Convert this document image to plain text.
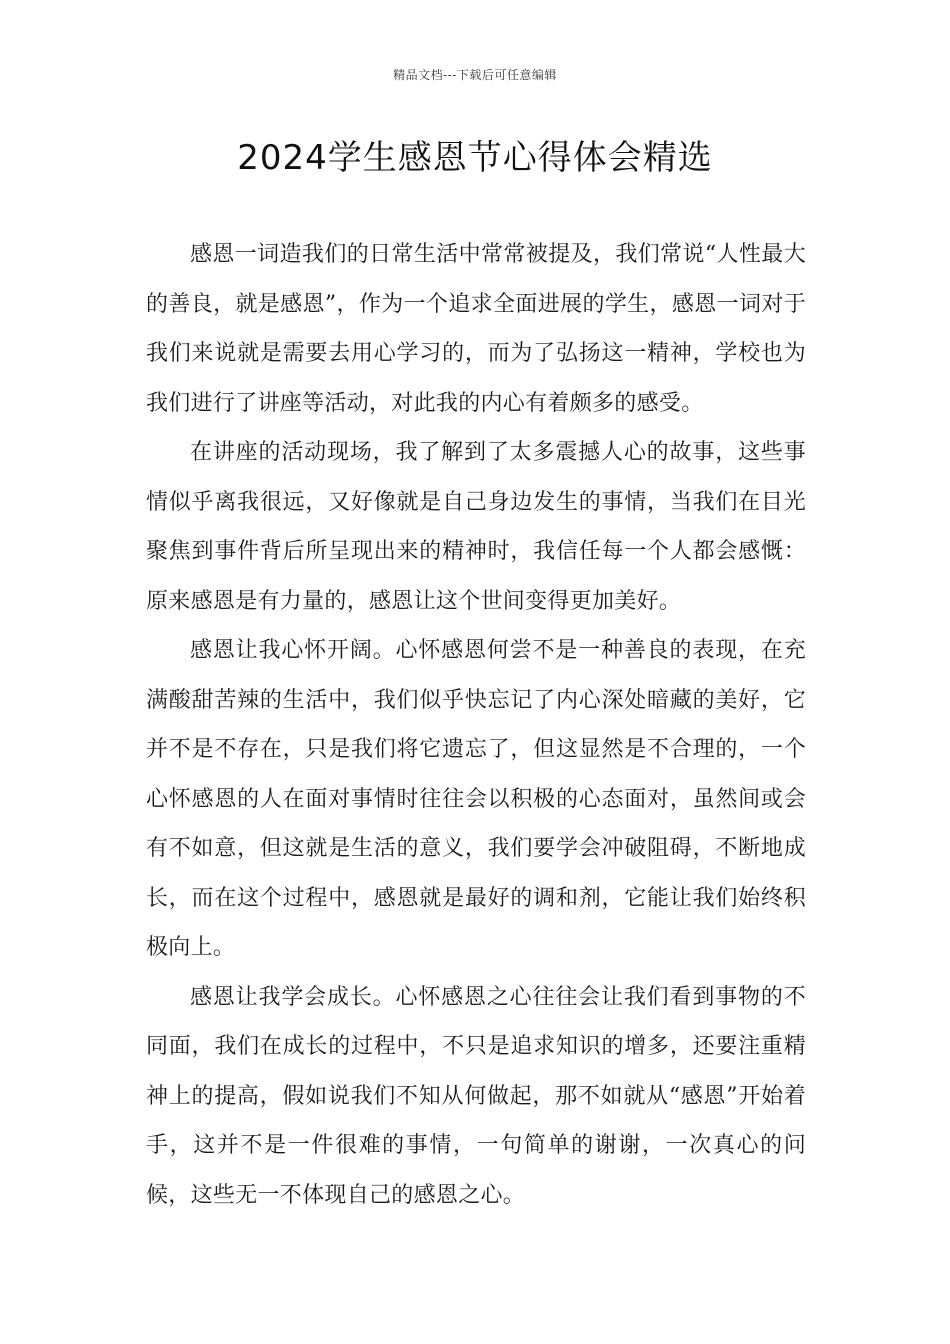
精品文档---下载后可任意编辑
2024学生感恩节心得体会精选

感恩一词造我们的日常生活中常常被提及，我们常说“人性最大的善良，就是感恩”，作为一个追求全面进展的学生，感恩一词对于我们来说就是需要去用心学习的，而为了弘扬这一精神，学校也为我们进行了讲座等活动，对此我的内心有着颇多的感受。

在讲座的活动现场，我了解到了太多震撼人心的故事，这些事情似乎离我很远，又好像就是自己身边发生的事情，当我们在目光聚焦到事件背后所呈现出来的精神时，我信任每一个人都会感慨：原来感恩是有力量的，感恩让这个世间变得更加美好。

感恩让我心怀开阔。心怀感恩何尝不是一种善良的表现，在充满酸甜苦辣的生活中，我们似乎快忘记了内心深处暗藏的美好，它并不是不存在，只是我们将它遗忘了，但这显然是不合理的，一个心怀感恩的人在面对事情时往往会以积极的心态面对，虽然间或会有不如意，但这就是生活的意义，我们要学会冲破阻碍，不断地成长，而在这个过程中，感恩就是最好的调和剂，它能让我们始终积极向上。

感恩让我学会成长。心怀感恩之心往往会让我们看到事物的不同面，我们在成长的过程中，不只是追求知识的增多，还要注重精神上的提高，假如说我们不知从何做起，那不如就从“感恩”开始着手，这并不是一件很难的事情，一句简单的谢谢，一次真心的问候，这些无一不体现自己的感恩之心。
